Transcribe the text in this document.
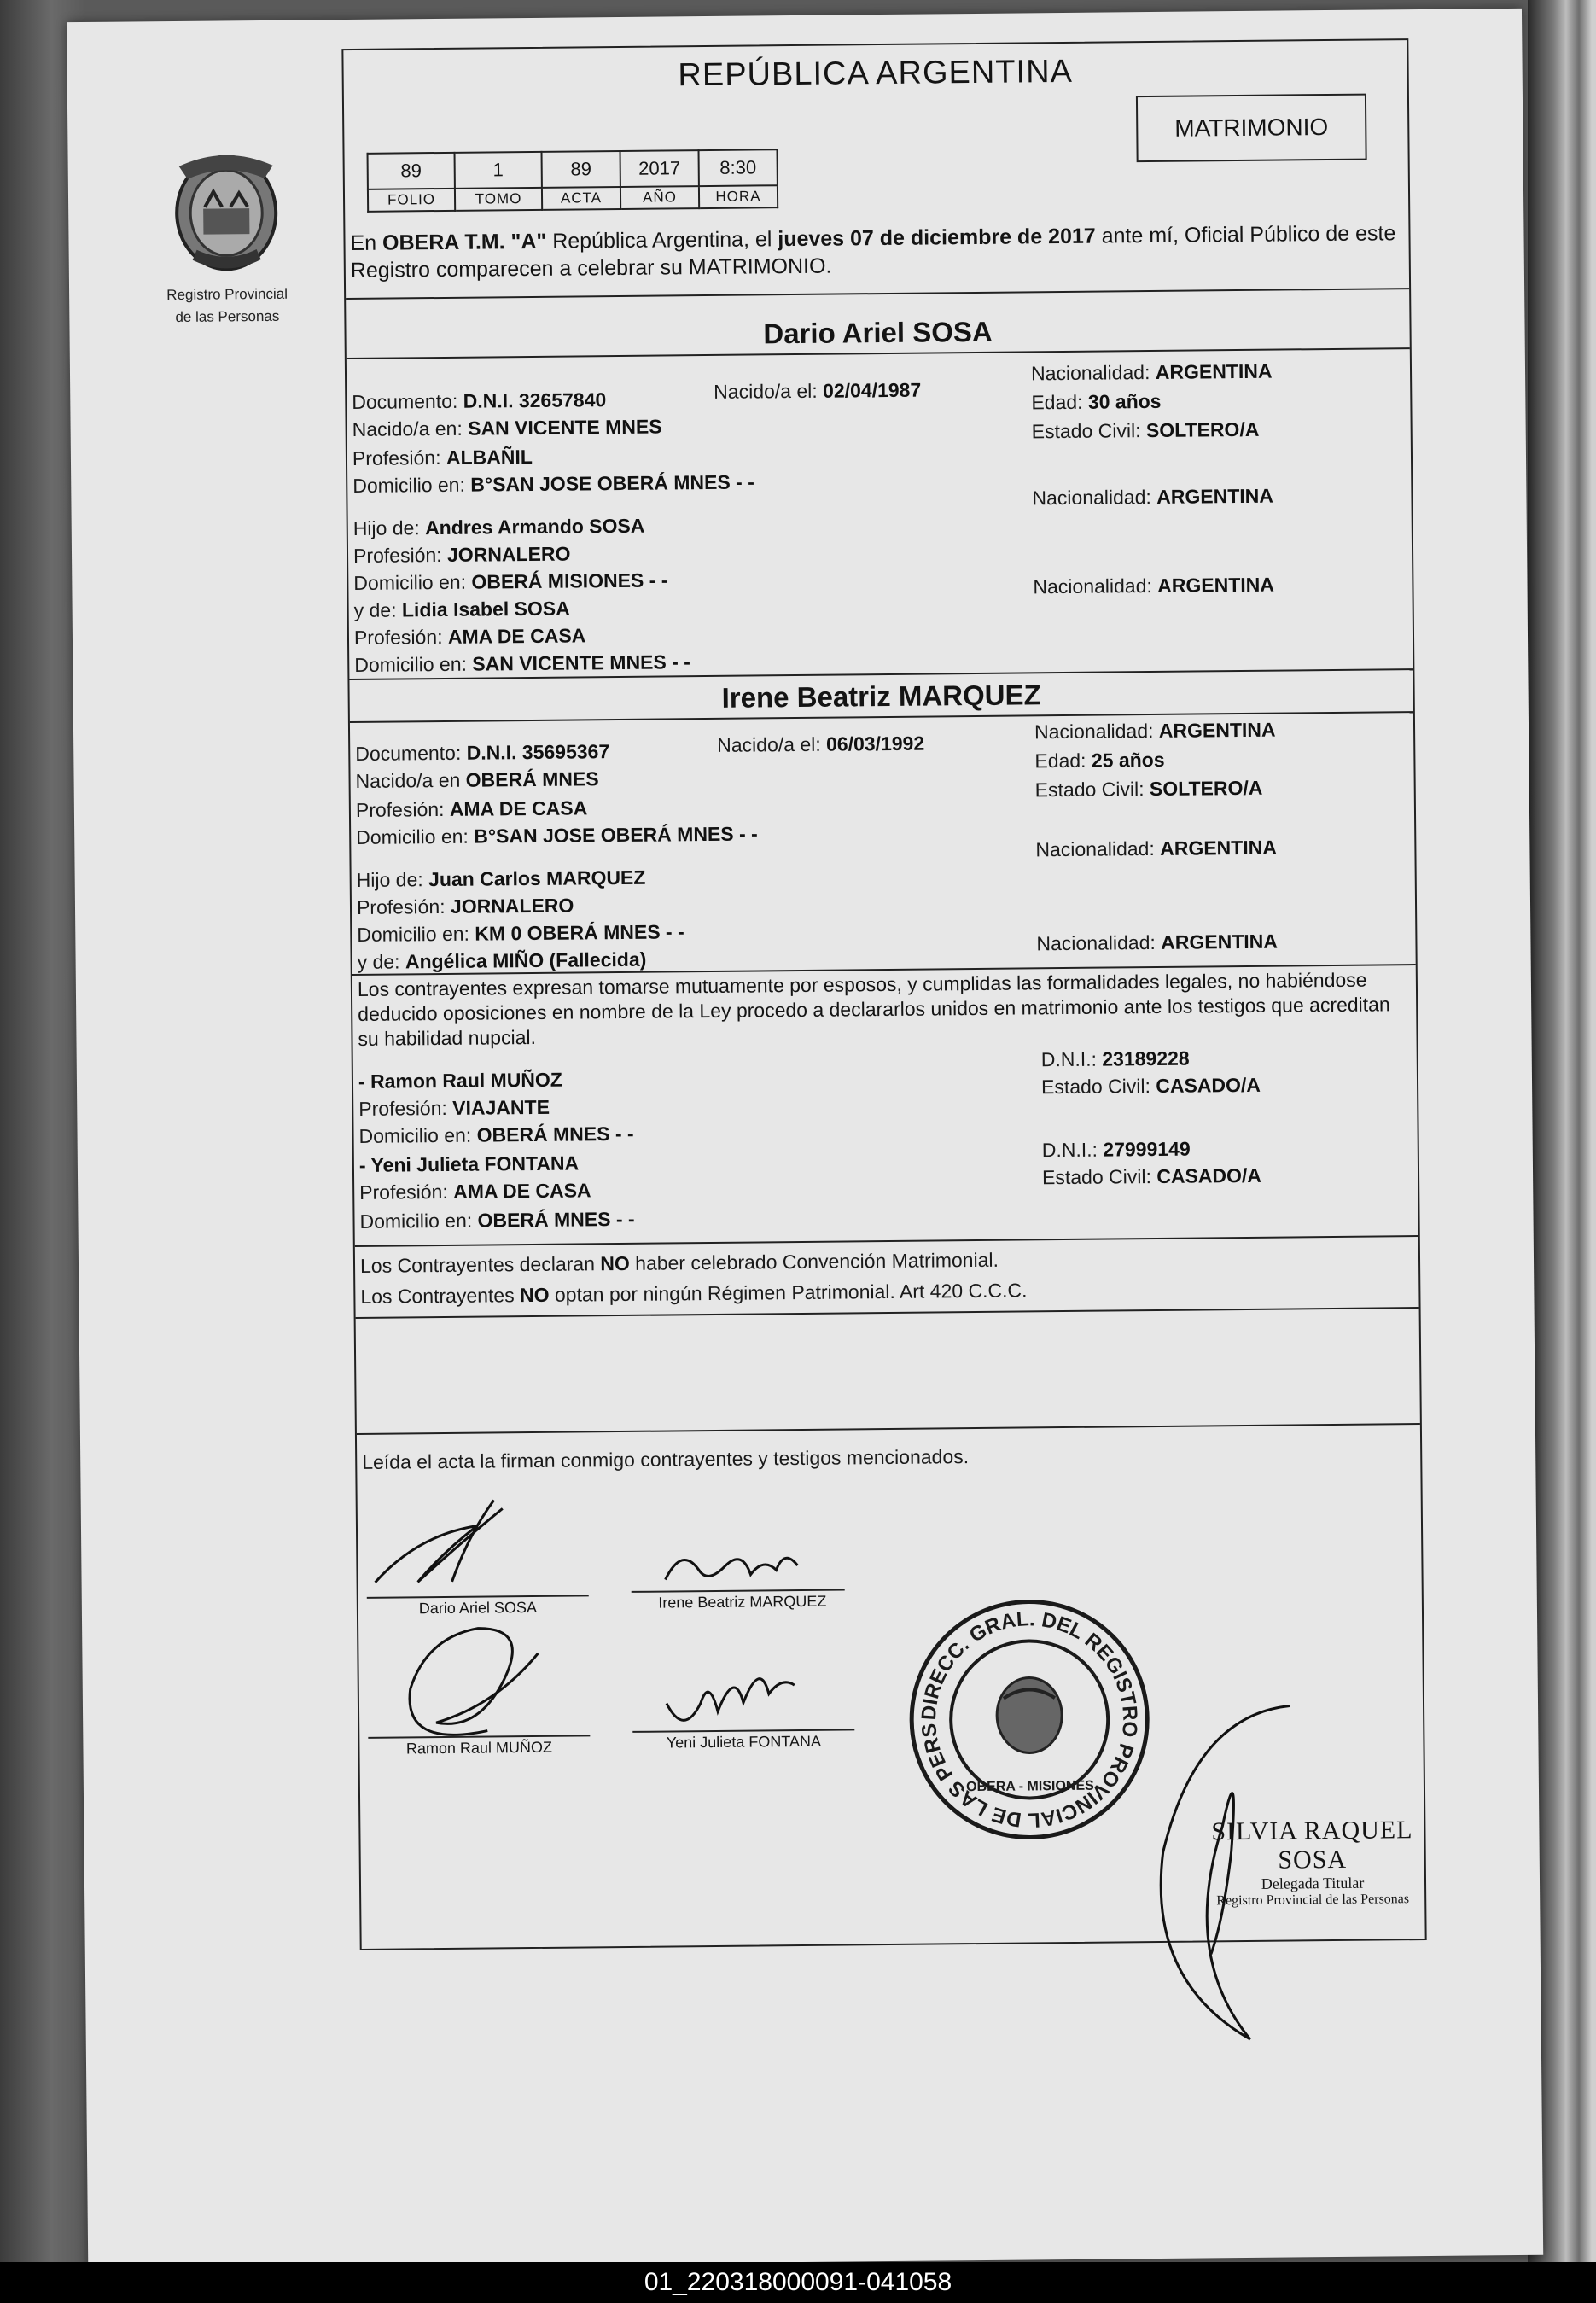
Registro Provincial
de las Personas
REPÚBLICA ARGENTINA
MATRIMONIO
89	1	89	2017	8:30
FOLIO	TOMO	ACTA	AÑO	HORA
En OBERA T.M. "A" República Argentina, el jueves 07 de diciembre de 2017 ante mí, Oficial Público de este Registro comparecen a celebrar su MATRIMONIO.
Dario Ariel SOSA
Documento: D.N.I. 32657840	Nacido/a el: 02/04/1987
Nacionalidad: ARGENTINA
Nacido/a en: SAN VICENTE MNES
Edad: 30 años
Estado Civil: SOLTERO/A
Profesión: ALBAÑIL
Domicilio en: B°SAN JOSE OBERÁ MNES - -
Nacionalidad: ARGENTINA
Hijo de: Andres Armando SOSA
Profesión: JORNALERO
Domicilio en: OBERÁ MISIONES - -	Nacionalidad: ARGENTINA
y de: Lidia Isabel SOSA
Profesión: AMA DE CASA
Domicilio en: SAN VICENTE MNES - -
Irene Beatriz MARQUEZ
Documento: D.N.I. 35695367	Nacido/a el: 06/03/1992
Nacionalidad: ARGENTINA
Nacido/a en OBERÁ MNES
Edad: 25 años
Estado Civil: SOLTERO/A
Profesión: AMA DE CASA
Domicilio en: B°SAN JOSE OBERÁ MNES - -
Nacionalidad: ARGENTINA
Hijo de: Juan Carlos MARQUEZ
Profesión: JORNALERO
Domicilio en: KM 0 OBERÁ MNES - -	Nacionalidad: ARGENTINA
y de: Angélica MIÑO (Fallecida)
Los contrayentes expresan tomarse mutuamente por esposos, y cumplidas las formalidades legales, no habiéndose deducido oposiciones en nombre de la Ley procedo a declararlos unidos en matrimonio ante los testigos que acreditan su habilidad nupcial.
- Ramon Raul MUÑOZ
D.N.I.: 23189228
Profesión: VIAJANTE
Estado Civil: CASADO/A
Domicilio en: OBERÁ MNES - -
- Yeni Julieta FONTANA
D.N.I.: 27999149
Profesión: AMA DE CASA
Estado Civil: CASADO/A
Domicilio en: OBERÁ MNES - -
Los Contrayentes declaran NO haber celebrado Convención Matrimonial.
Los Contrayentes NO optan por ningún Régimen Patrimonial. Art 420 C.C.C.
Leída el acta la firman conmigo contrayentes y testigos mencionados.
Dario Ariel SOSA	Irene Beatriz MARQUEZ
Ramon Raul MUÑOZ	Yeni Julieta FONTANA
DIRECC. GRAL. DEL REGISTRO PROVINCIAL DE LAS PERSONAS
OBERA - MISIONES
SILVIA RAQUEL SOSA
Delegada Titular
Registro Provincial de las Personas
01_220318000091-041058
